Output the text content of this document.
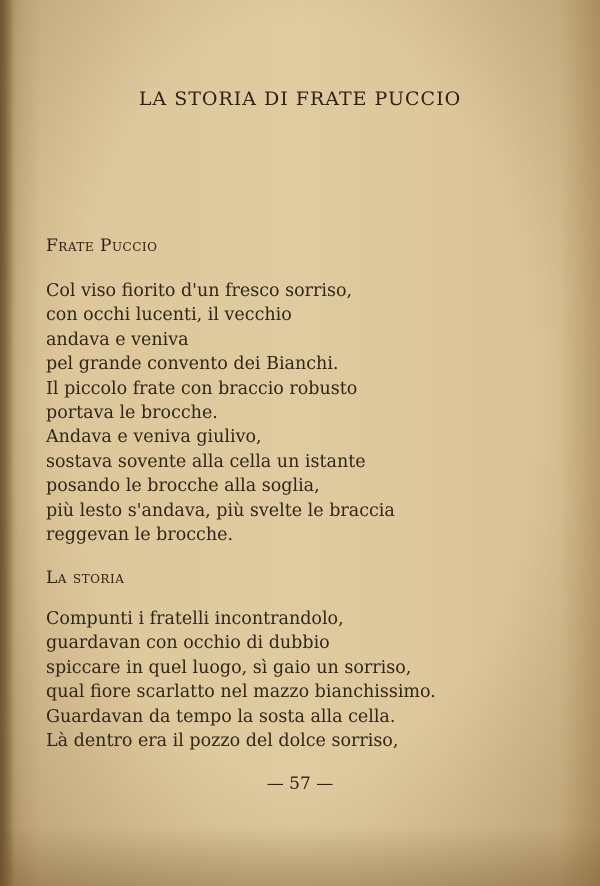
LA STORIA DI FRATE PUCCIO
Frate Puccio
Col viso fiorito d'un fresco sorriso,
con occhi lucenti, il vecchio
andava e veniva
pel grande convento dei Bianchi.
Il piccolo frate con braccio robusto
portava le brocche.
Andava e veniva giulivo,
sostava sovente alla cella un istante
posando le brocche alla soglia,
più lesto s'andava, più svelte le braccia
reggevan le brocche.
La storia
Compunti i fratelli incontrandolo,
guardavan con occhio di dubbio
spiccare in quel luogo, sì gaio un sorriso,
qual fiore scarlatto nel mazzo bianchissimo.
Guardavan da tempo la sosta alla cella.
Là dentro era il pozzo del dolce sorriso,
— 57 —
